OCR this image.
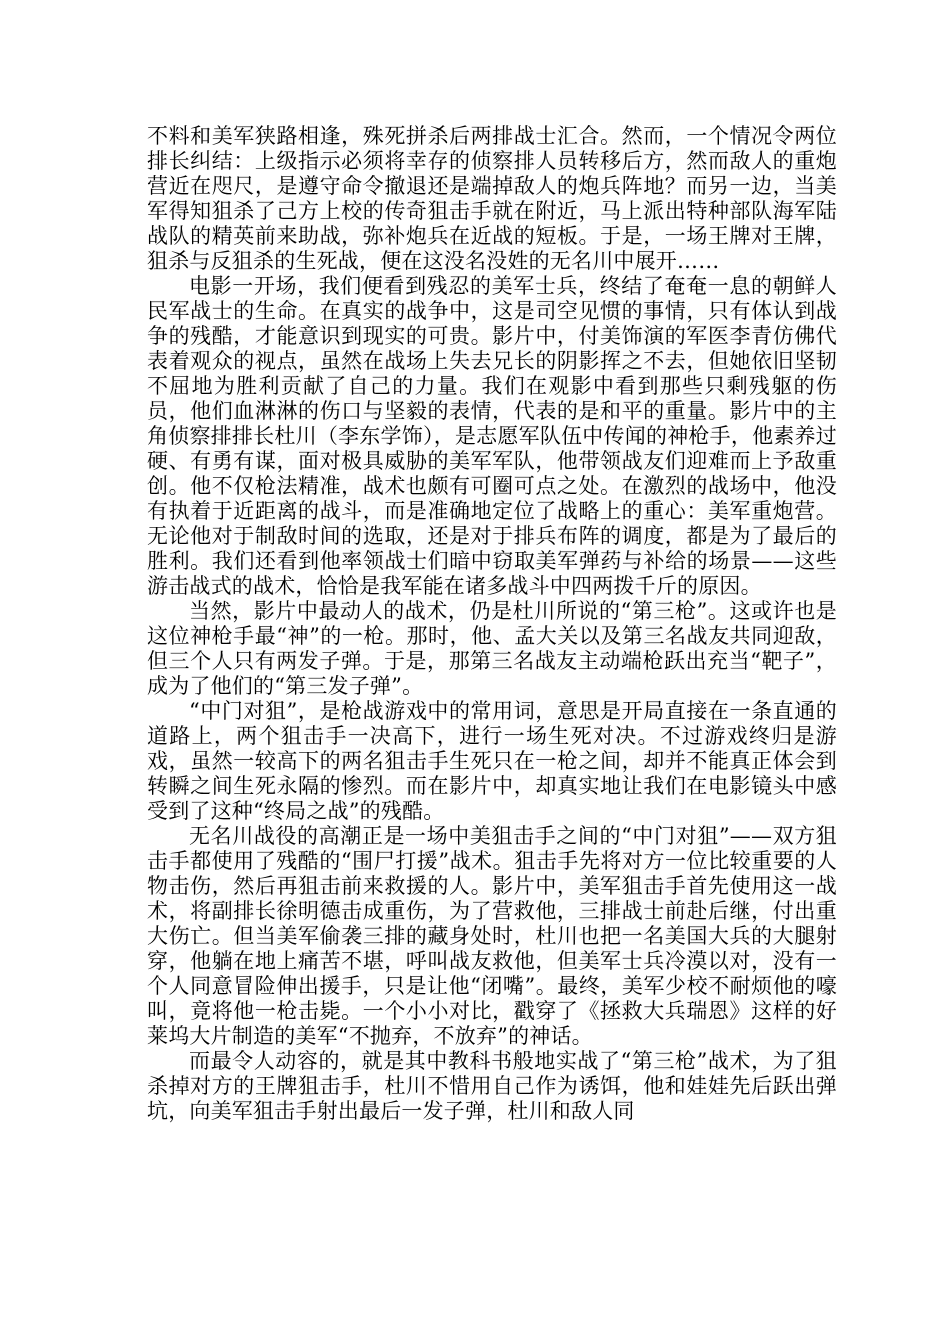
不料和美军狭路相逢，殊死拼杀后两排战士汇合。然而，一个情况令两位排长纠结：上级指示必须将幸存的侦察排人员转移后方，然而敌人的重炮营近在咫尺，是遵守命令撤退还是端掉敌人的炮兵阵地？而另一边，当美军得知狙杀了己方上校的传奇狙击手就在附近，马上派出特种部队海军陆战队的精英前来助战，弥补炮兵在近战的短板。于是，一场王牌对王牌，狙杀与反狙杀的生死战，便在这没名没姓的无名川中展开……

电影一开场，我们便看到残忍的美军士兵，终结了奄奄一息的朝鲜人民军战士的生命。在真实的战争中，这是司空见惯的事情，只有体认到战争的残酷，才能意识到现实的可贵。影片中，付美饰演的军医李青仿佛代表着观众的视点，虽然在战场上失去兄长的阴影挥之不去，但她依旧坚韧不屈地为胜利贡献了自己的力量。我们在观影中看到那些只剩残躯的伤员，他们血淋淋的伤口与坚毅的表情，代表的是和平的重量。影片中的主角侦察排排长杜川（李东学饰），是志愿军队伍中传闻的神枪手，他素养过硬、有勇有谋，面对极具威胁的美军军队，他带领战友们迎难而上予敌重创。他不仅枪法精准，战术也颇有可圈可点之处。在激烈的战场中，他没有执着于近距离的战斗，而是准确地定位了战略上的重心：美军重炮营。无论他对于制敌时间的选取，还是对于排兵布阵的调度，都是为了最后的胜利。我们还看到他率领战士们暗中窃取美军弹药与补给的场景——这些游击战式的战术，恰恰是我军能在诸多战斗中四两拨千斤的原因。

当然，影片中最动人的战术，仍是杜川所说的“第三枪”。这或许也是这位神枪手最“神”的一枪。那时，他、孟大关以及第三名战友共同迎敌，但三个人只有两发子弹。于是，那第三名战友主动端枪跃出充当“靶子”，成为了他们的“第三发子弹”。

“中门对狙”，是枪战游戏中的常用词，意思是开局直接在一条直通的道路上，两个狙击手一决高下，进行一场生死对决。不过游戏终归是游戏，虽然一较高下的两名狙击手生死只在一枪之间，却并不能真正体会到转瞬之间生死永隔的惨烈。而在影片中，却真实地让我们在电影镜头中感受到了这种“终局之战”的残酷。

无名川战役的高潮正是一场中美狙击手之间的“中门对狙”——双方狙击手都使用了残酷的“围尸打援”战术。狙击手先将对方一位比较重要的人物击伤，然后再狙击前来救援的人。影片中，美军狙击手首先使用这一战术，将副排长徐明德击成重伤，为了营救他，三排战士前赴后继，付出重大伤亡。但当美军偷袭三排的藏身处时，杜川也把一名美国大兵的大腿射穿，他躺在地上痛苦不堪，呼叫战友救他，但美军士兵冷漠以对，没有一个人同意冒险伸出援手，只是让他“闭嘴”。最终，美军少校不耐烦他的嚎叫，竟将他一枪击毙。一个小小对比，戳穿了《拯救大兵瑞恩》这样的好莱坞大片制造的美军“不抛弃，不放弃”的神话。

而最令人动容的，就是其中教科书般地实战了“第三枪”战术，为了狙杀掉对方的王牌狙击手，杜川不惜用自己作为诱饵，他和娃娃先后跃出弹坑，向美军狙击手射出最后一发子弹，杜川和敌人同
